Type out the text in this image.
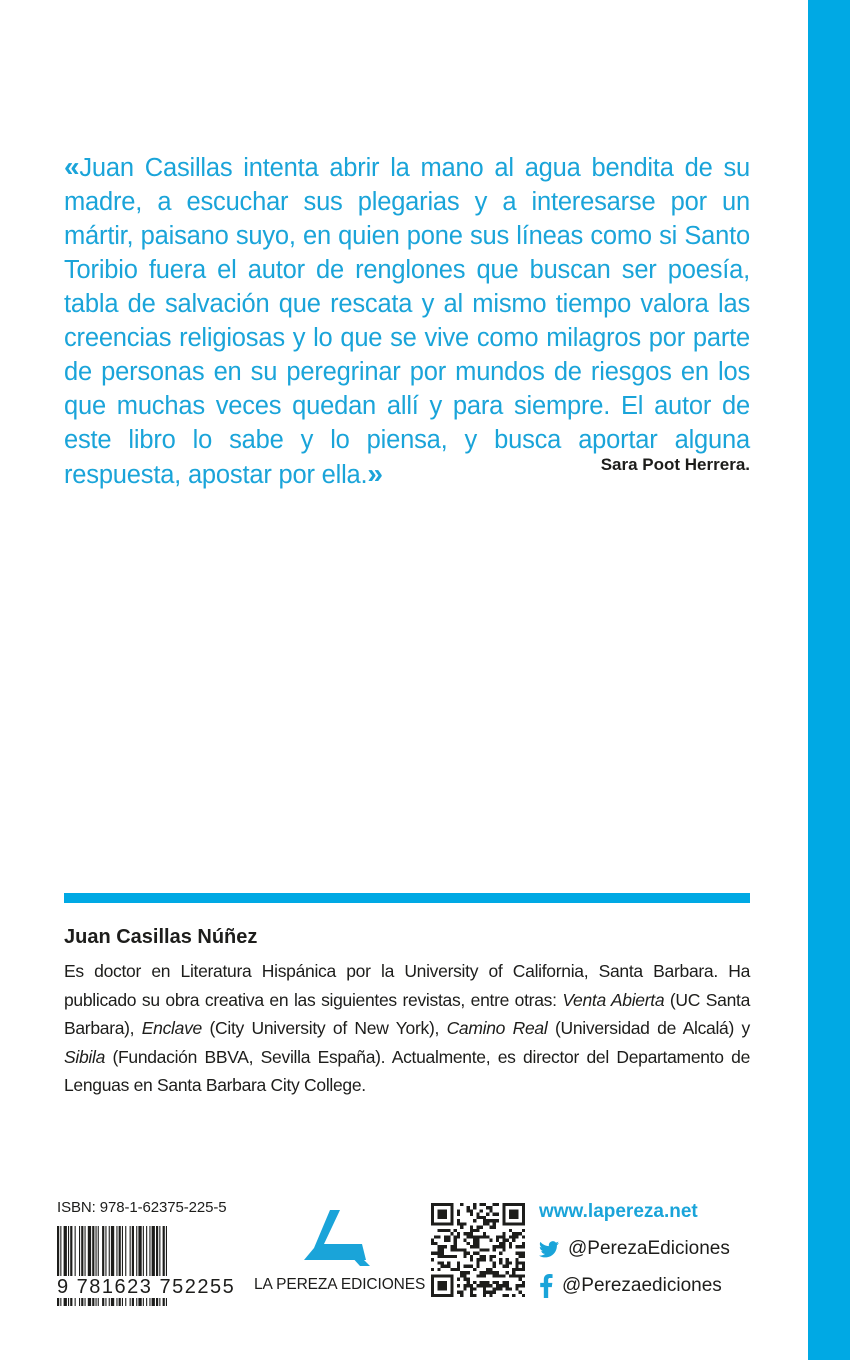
«Juan Casillas intenta abrir la mano al agua bendita de su madre, a escuchar sus plegarias y a interesarse por un mártir, paisano suyo, en quien pone sus líneas como si Santo Toribio fuera el autor de renglones que buscan ser poesía, tabla de salvación que rescata y al mismo tiempo valora las creencias religiosas y lo que se vive como milagros por parte de personas en su peregrinar por mundos de riesgos en los que muchas veces quedan allí y para siempre. El autor de este libro lo sabe y lo piensa, y busca aportar alguna respuesta, apostar por ella.»	Sara Poot Herrera.
Juan Casillas Núñez
Es doctor en Literatura Hispánica por la University of California, Santa Barbara. Ha publicado su obra creativa en las siguientes revistas, entre otras: Venta Abierta (UC Santa Barbara), Enclave (City University of New York), Camino Real (Universidad de Alcalá) y Sibila (Fundación BBVA, Sevilla España). Actualmente, es director del Departamento de Lenguas en Santa Barbara City College.
ISBN: 978-1-62375-225-5
9 781623 752255	LA PEREZA EDICIONES
www.lapereza.net
@PerezaEdiciones
@Perezaediciones
